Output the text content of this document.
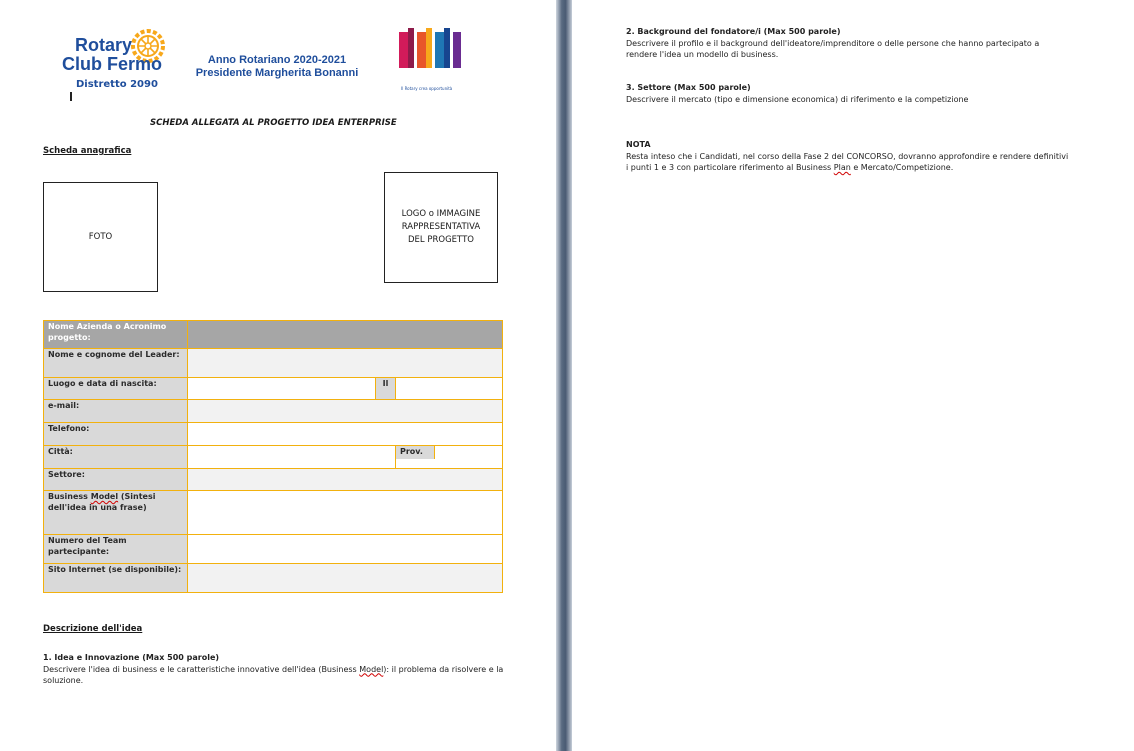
Rotary
Club Fermo
Distretto 2090
Anno Rotariano 2020-2021
Presidente Margherita Bonanni
Il Rotary crea opportunità
SCHEDA ALLEGATA AL PROGETTO IDEA ENTERPRISE
Scheda anagrafica
FOTO
LOGO o IMMAGINE
RAPPRESENTATIVA
DEL PROGETTO
Nome Azienda o Acronimo progetto:			
Nome e cognome del Leader:			
Luogo e data di nascita:		Il	
e-mail:			
Telefono:			
Città:			Prov.

Settore:			
Business Model (Sintesi dell'idea in una frase)			
Numero del Team partecipante:			
Sito Internet (se disponibile):			
Descrizione dell'idea
1. Idea e Innovazione (Max 500 parole)
Descrivere l'idea di business e le caratteristiche innovative dell'idea (Business Model): il problema da risolvere e la soluzione.
2. Background del fondatore/i (Max 500 parole)
Descrivere il profilo e il background dell'ideatore/imprenditore o delle persone che hanno partecipato a rendere l'idea un modello di business.
3. Settore (Max 500 parole)
Descrivere il mercato (tipo e dimensione economica) di riferimento e la competizione
NOTA
Resta inteso che i Candidati, nel corso della Fase 2 del CONCORSO, dovranno approfondire e rendere definitivi i punti 1 e 3 con particolare riferimento al Business Plan e Mercato/Competizione.
